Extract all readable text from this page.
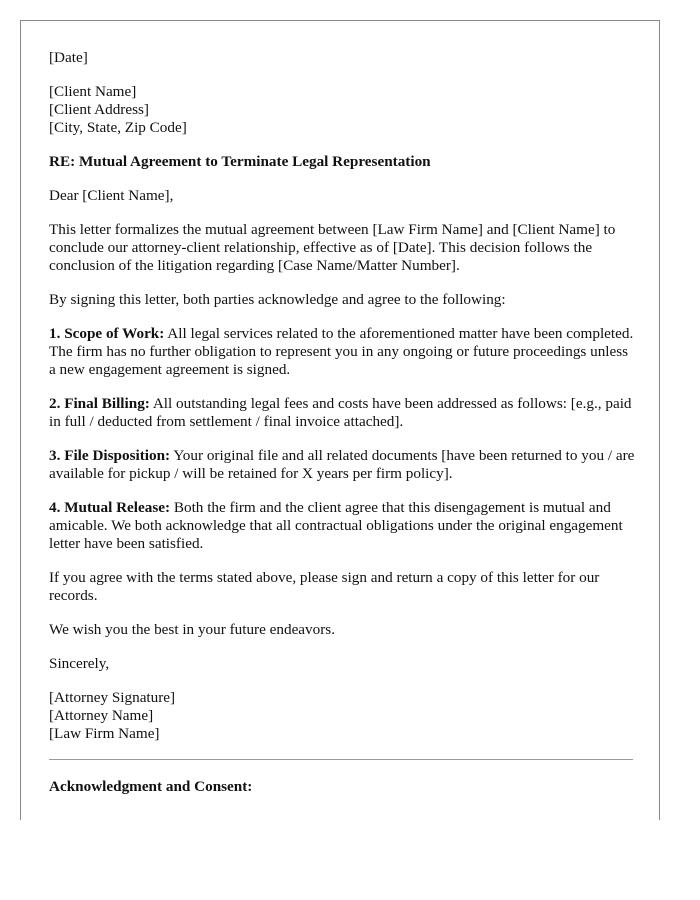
[Date]
[Client Name]
[Client Address]
[City, State, Zip Code]
RE: Mutual Agreement to Terminate Legal Representation
Dear [Client Name],
This letter formalizes the mutual agreement between [Law Firm Name] and [Client Name] to conclude our attorney-client relationship, effective as of [Date]. This decision follows the conclusion of the litigation regarding [Case Name/Matter Number].
By signing this letter, both parties acknowledge and agree to the following:
1. Scope of Work: All legal services related to the aforementioned matter have been completed. The firm has no further obligation to represent you in any ongoing or future proceedings unless a new engagement agreement is signed.
2. Final Billing: All outstanding legal fees and costs have been addressed as follows: [e.g., paid in full / deducted from settlement / final invoice attached].
3. File Disposition: Your original file and all related documents [have been returned to you / are available for pickup / will be retained for X years per firm policy].
4. Mutual Release: Both the firm and the client agree that this disengagement is mutual and amicable. We both acknowledge that all contractual obligations under the original engagement letter have been satisfied.
If you agree with the terms stated above, please sign and return a copy of this letter for our records.
We wish you the best in your future endeavors.
Sincerely,
[Attorney Signature]
[Attorney Name]
[Law Firm Name]
Acknowledgment and Consent:
